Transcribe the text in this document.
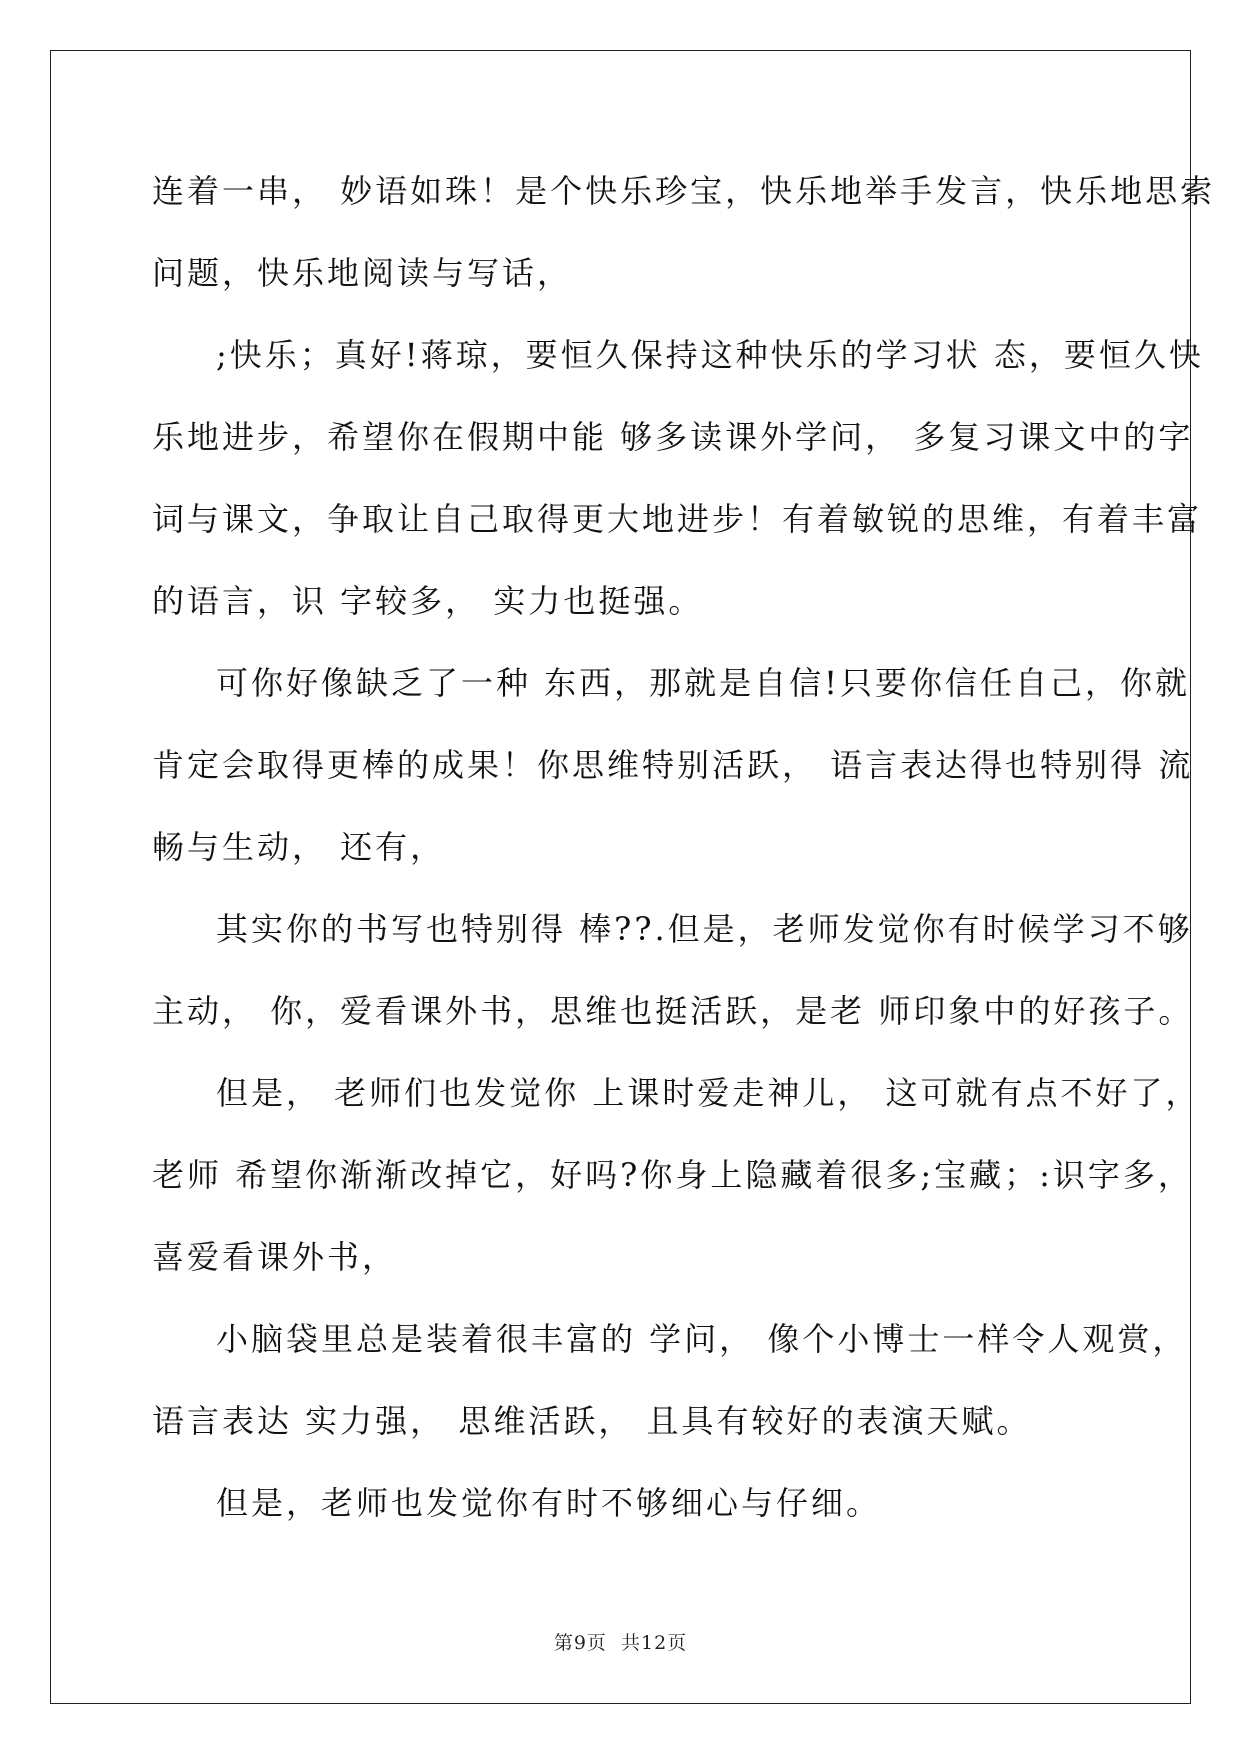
连着一串， 妙语如珠！是个快乐珍宝，快乐地举手发言，快乐地思索
问题，快乐地阅读与写话，
;快乐；真好!蒋琼，要恒久保持这种快乐的学习状 态，要恒久快
乐地进步，希望你在假期中能 够多读课外学问， 多复习课文中的字
词与课文，争取让自己取得更大地进步！有着敏锐的思维，有着丰富
的语言，识 字较多， 实力也挺强。
可你好像缺乏了一种 东西，那就是自信!只要你信任自己，你就
肯定会取得更棒的成果！你思维特别活跃， 语言表达得也特别得 流
畅与生动， 还有，
其实你的书写也特别得 棒??.但是，老师发觉你有时候学习不够
主动， 你，爱看课外书，思维也挺活跃，是老 师印象中的好孩子。
但是， 老师们也发觉你 上课时爱走神儿， 这可就有点不好了，
老师 希望你渐渐改掉它，好吗?你身上隐藏着很多;宝藏；:识字多，
喜爱看课外书，
小脑袋里总是装着很丰富的 学问， 像个小博士一样令人观赏，
语言表达 实力强， 思维活跃， 且具有较好的表演天赋。
但是，老师也发觉你有时不够细心与仔细。
第9页  共12页
